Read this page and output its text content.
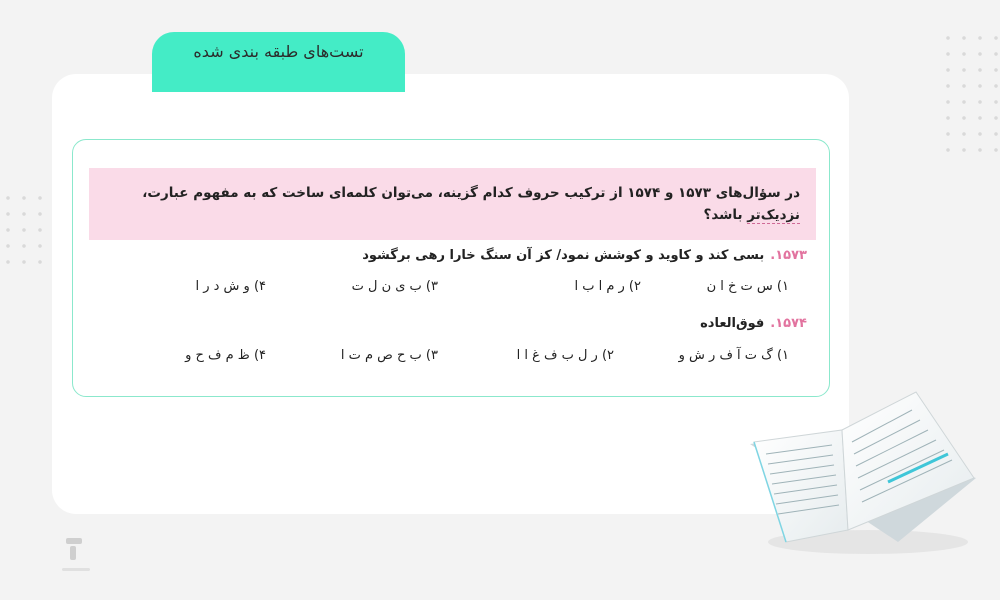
تست‌های طبقه بندی شده
در سؤال‌های ۱۵۷۳ و ۱۵۷۴ از ترکیب حروف کدام گزینه، می‌توان کلمه‌ای ساخت که به مفهوم عبارت، نزدیک‌تر باشد؟
۱۵۷۳.بسی کند و کاوید و کوشش نمود/ کز آن سنگ خارا رهی برگشود
۱) س ت خ ا ن
۲) ر م ا ب ا
۳) ب ی ن ل ت
۴) و ش د ر ا
۱۵۷۴.فوق‌العاده
۱) گ ت آ ف ر ش و
۲) ر ل ب ف غ ا ا
۳) ب ح ص م ت ا
۴) ظ م ف ح و
